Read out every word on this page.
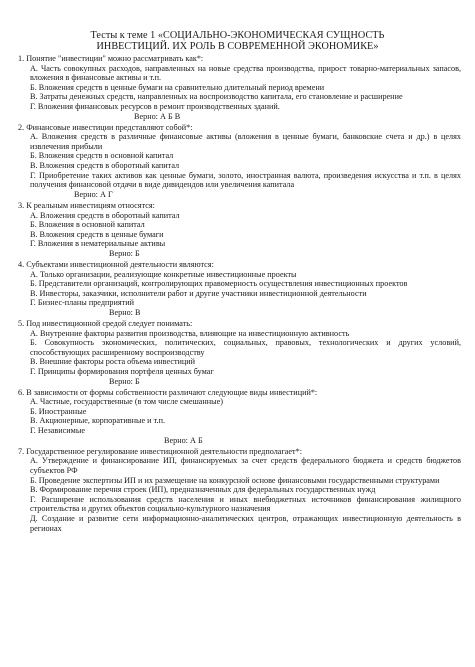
Тесты к теме 1 «СОЦИАЛЬНО-ЭКОНОМИЧЕСКАЯ СУЩНОСТЬ
ИНВЕСТИЦИЙ. ИХ РОЛЬ В СОВРЕМЕННОЙ ЭКОНОМИКЕ»
1. Понятие "инвестиции" можно рассматривать как*:
А. Часть совокупных расходов, направленных на новые средства производства, прирост товарно-материальных запасов, вложения в финансовые активы и т.п.
Б. Вложения средств в ценные бумаги на сравнительно длительный период времени
В. Затраты денежных средств, направленных на воспроизводство капитала, его становление и расширение
Г. Вложения финансовых ресурсов в ремонт производственных зданий.
Верно: А Б В
2. Финансовые инвестиции представляют собой*:
А. Вложения средств в различные финансовые активы (вложения в ценные бумаги, банковские счета и др.) в целях извлечения прибыли
Б. Вложения средств в основной капитал
В. Вложения средств в оборотный капитал
Г. Приобретение таких активов как ценные бумаги, золото, иностранная валюта, произведения искусства и т.п. в целях получения финансовой отдачи в виде дивидендов или увеличения капитала
Верно: А Г
3. К реальным инвестициям относятся:
А. Вложения средств в оборотный капитал
Б. Вложения в основной капитал
В. Вложения средств в ценные бумаги
Г. Вложения в нематериальные активы
Верно: Б
4. Субъектами инвестиционной деятельности являются:
А. Только организации, реализующие конкретные инвестиционные проекты
Б. Представители организаций, контролирующих правомерность осуществления инвестиционных проектов
В. Инвесторы, заказчики, исполнители работ и другие участники инвестиционной деятельности
Г. Бизнес-планы предприятий
Верно: В
5. Под инвестиционной средой следует понимать:
А. Внутренние факторы развития производства, влияющие на инвестиционную активность
Б. Совокупность экономических, политических, социальных, правовых, технологических и других условий, способствующих расширенному воспроизводству
В. Внешние факторы роста объема инвестиций
Г. Принципы формирования портфеля ценных бумаг
Верно: Б
6. В зависимости от формы собственности различают следующие виды инвестиций*:
А. Частные, государственные (в том числе смешанные)
Б. Иностранные
В. Акционерные, корпоративные и т.п.
Г. Независимые
Верно: А Б
7. Государственное регулирование инвестиционной деятельности предполагает*:
А. Утверждение и финансирование ИП, финансируемых за счет средств федерального бюджета и средств бюджетов субъектов РФ
Б. Проведение экспертизы ИП и их размещение на конкурсной основе финансовыми государственными структурами
В. Формирование перечня строек (ИП), предназначенных для федеральных государственных нужд
Г. Расширение использования средств населения и иных внебюджетных источников финансирования жилищного строительства и других объектов социально-культурного назначения
Д. Создание и развитие сети информационно-аналитических центров, отражающих инвестиционную деятельность в регионах
